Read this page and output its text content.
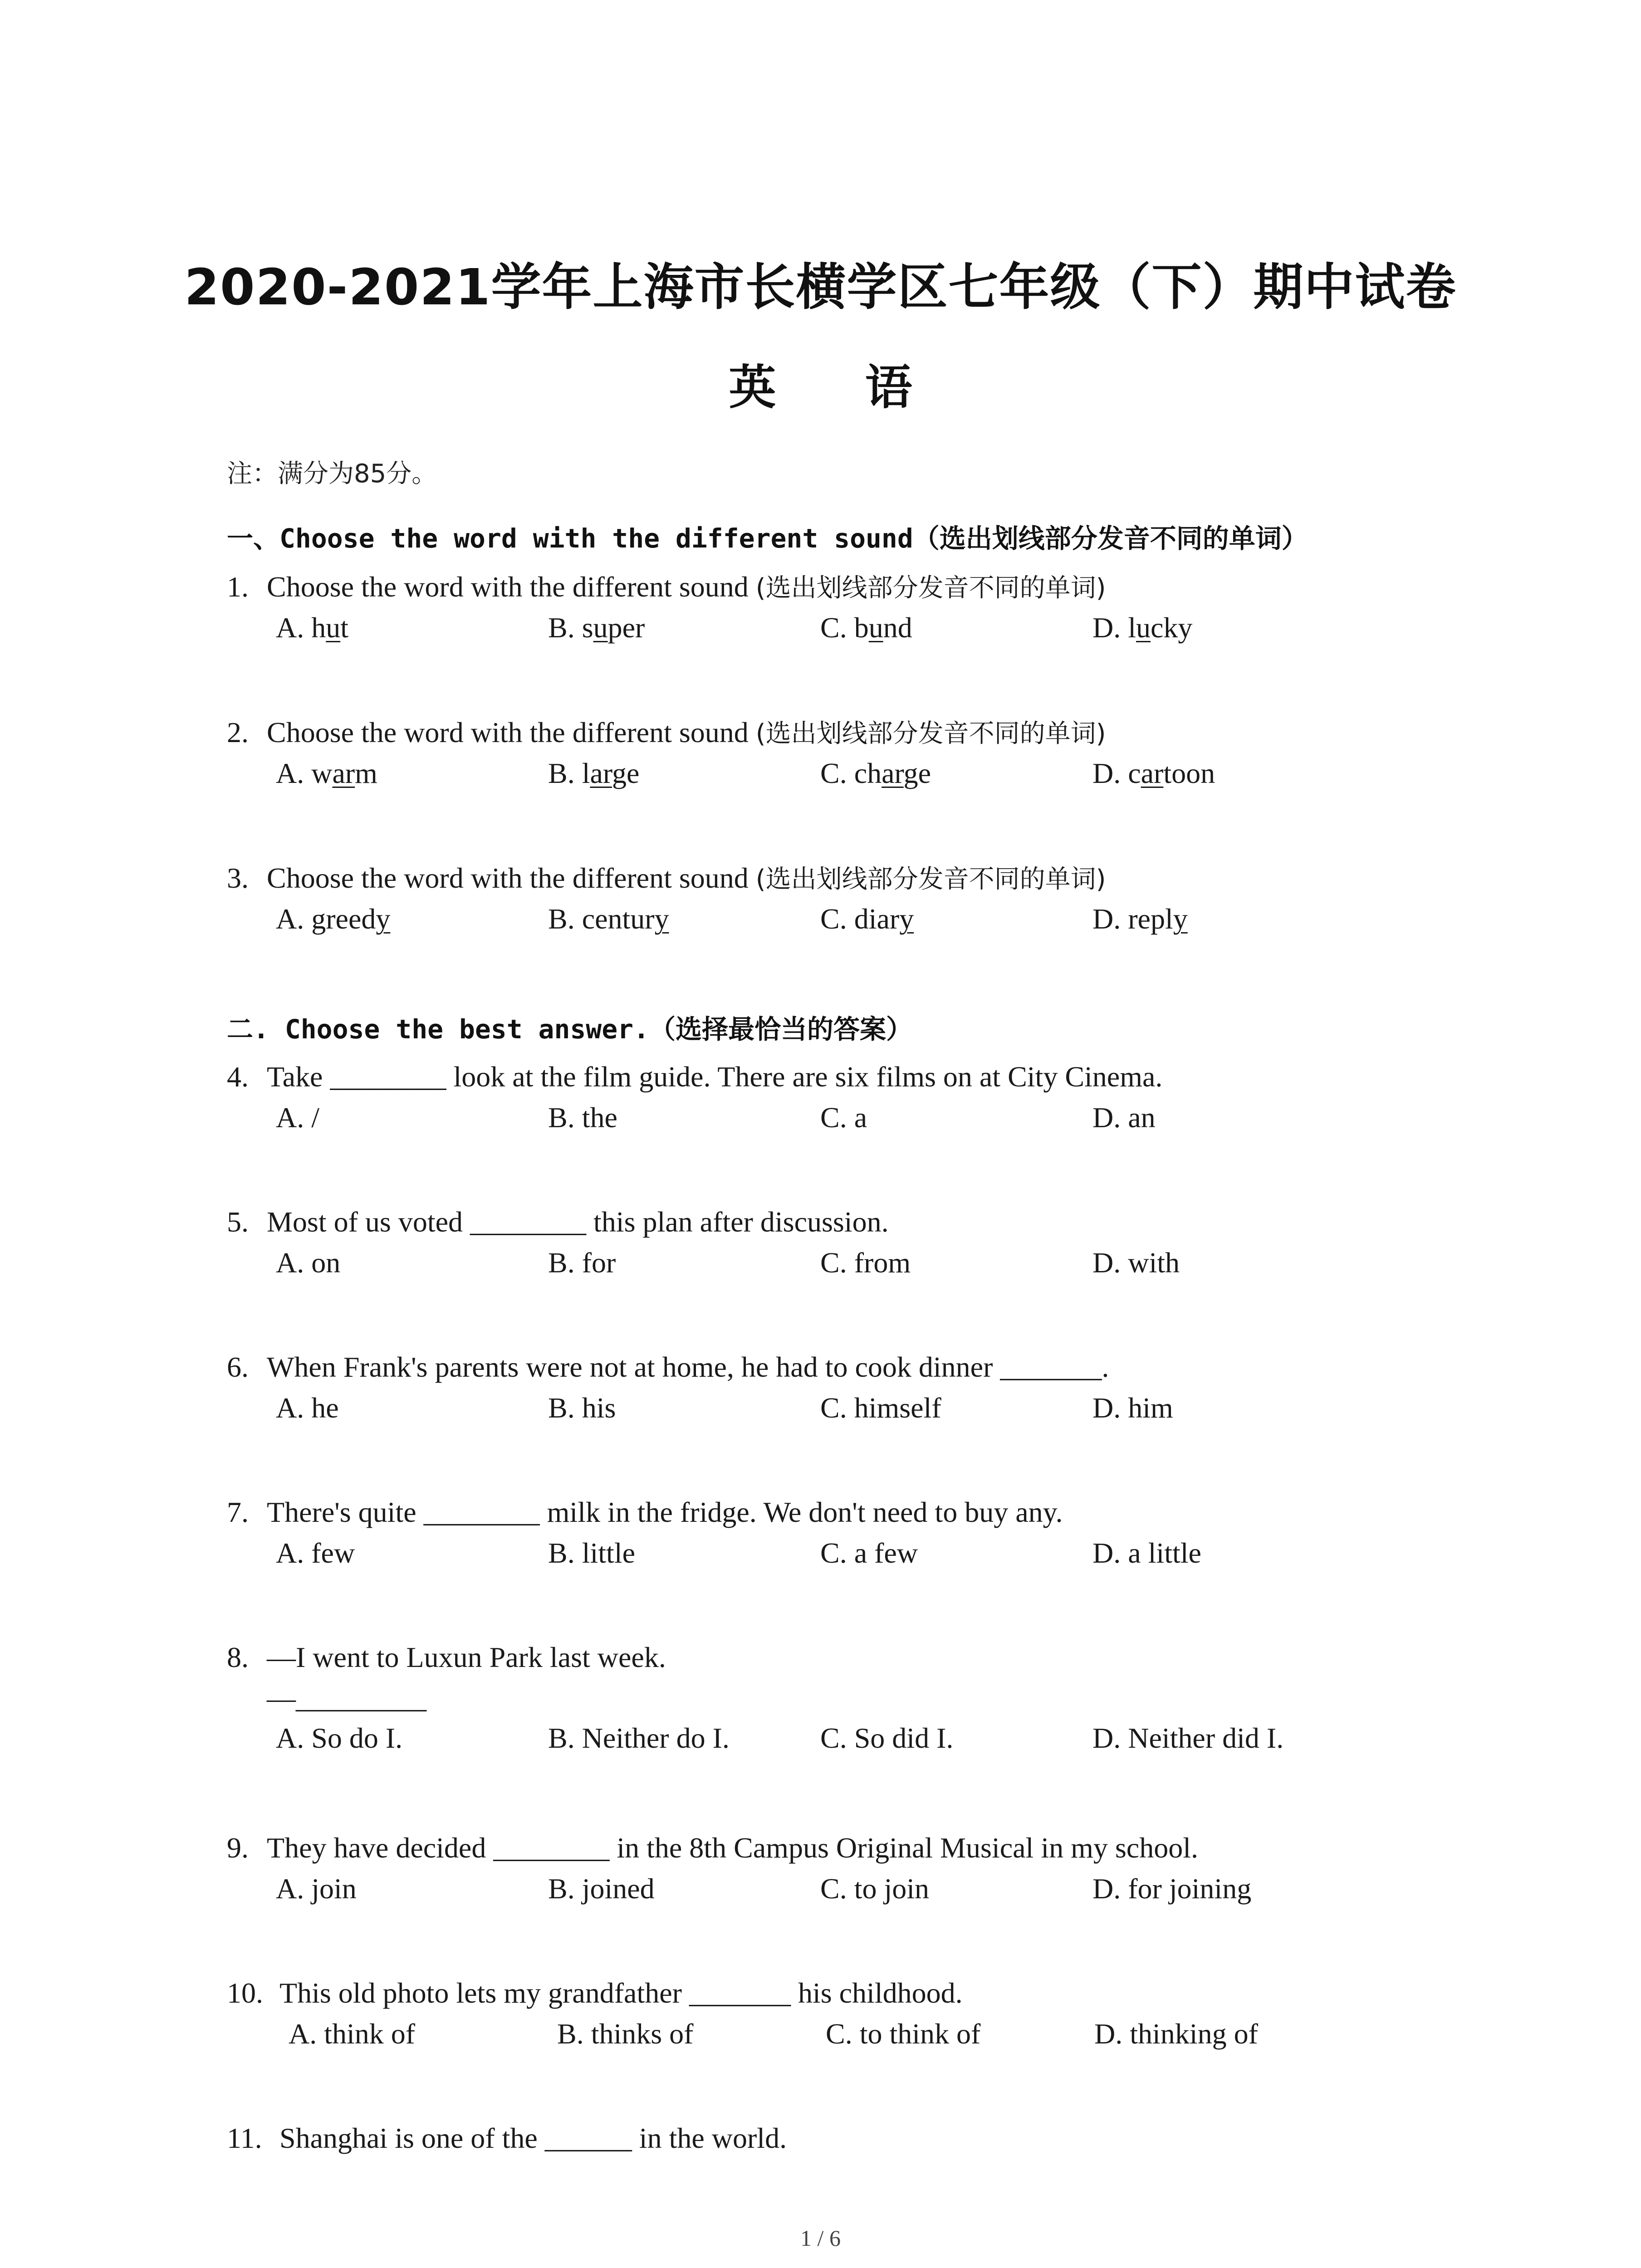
2020-2021学年上海市长横学区七年级（下）期中试卷
英 语
注：满分为85分。
一、Choose the word with the different sound（选出划线部分发音不同的单词）
1. Choose the word with the different sound (选出划线部分发音不同的单词)
A. hut	B. super	C. bund	D. lucky
2. Choose the word with the different sound (选出划线部分发音不同的单词)
A. warm	B. large	C. charge	D. cartoon
3. Choose the word with the different sound (选出划线部分发音不同的单词)
A. greedy	B. century	C. diary	D. reply
二. Choose the best answer.（选择最恰当的答案）
4. Take ________ look at the film guide. There are six films on at City Cinema.
A. /	B. the	C. a	D. an
5. Most of us voted ________ this plan after discussion.
A. on	B. for	C. from	D. with
6. When Frank's parents were not at home, he had to cook dinner _______.
A. he	B. his	C. himself	D. him
7. There's quite ________ milk in the fridge. We don't need to buy any.
A. few	B. little	C. a few	D. a little
8. —I went to Luxun Park last week.
—_________
A. So do I.	B. Neither do I.	C. So did I.	D. Neither did I.
9. They have decided ________ in the 8th Campus Original Musical in my school.
A. join	B. joined	C. to join	D. for joining
10. This old photo lets my grandfather _______ his childhood.
A. think of	B. thinks of	C. to think of	D. thinking of
11. Shanghai is one of the ______ in the world.
1 / 6
